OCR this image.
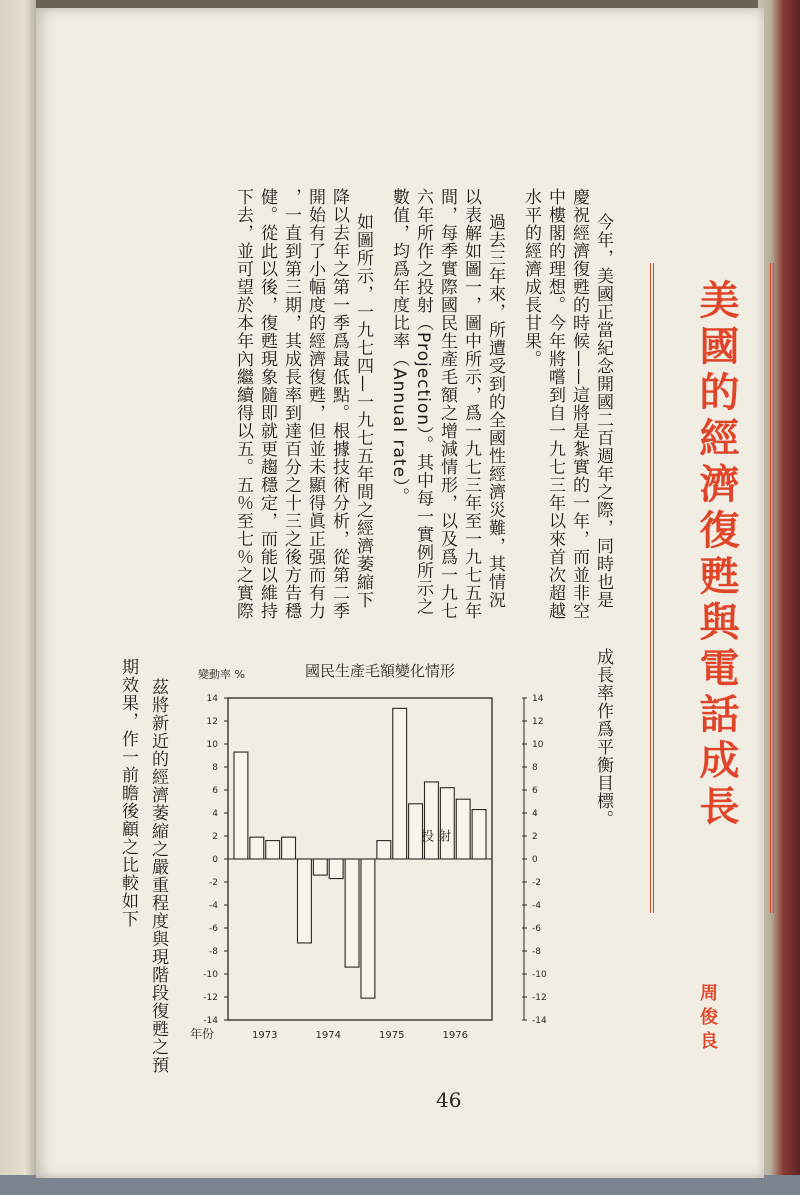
美國的經濟復甦與電話成長
周俊良
今年，美國正當紀念開國二百週年之際，同時也是
慶祝經濟復甦的時候——這將是紮實的一年，而並非空
中樓閣的理想。今年將嚐到自一九七三年以來首次超越
水平的經濟成長甘果。
過去三年來，所遭受到的全國性經濟災難，其情況
以表解如圖一，圖中所示，爲一九七三年至一九七五年
間，每季實際國民生產毛額之增減情形，以及爲一九七
六年所作之投射（Projection）。其中每一實例所示之
數值，均爲年度比率（Annual rate）。
如圖所示，一九七四—一九七五年間之經濟萎縮下
降以去年之第一季爲最低點。根據技術分析，從第二季
開始有了小幅度的經濟復甦，但並未顯得眞正强而有力
，一直到第三期，其成長率到達百分之十三之後方告穩
健。從此以後，復甦現象隨即就更趨穩定，而能以維持
下去，並可望於本年內繼續得以五。五％至七％之實際
成長率作爲平衡目標。
期效果，作一前瞻後顧之比較如下 茲將新近的經濟萎縮之嚴重程度與現階段復甦之預	14	14
12	12
10	10
8	8
6	6
4	4
2	2
0	0
-2	-2
-4	-4
-6	-6
-8	-8
-10	-10
-12	-12
-14	-14
1973	1974	1975	1976
國民生產毛額變化情形
變動率 %
年份
投 射
46
